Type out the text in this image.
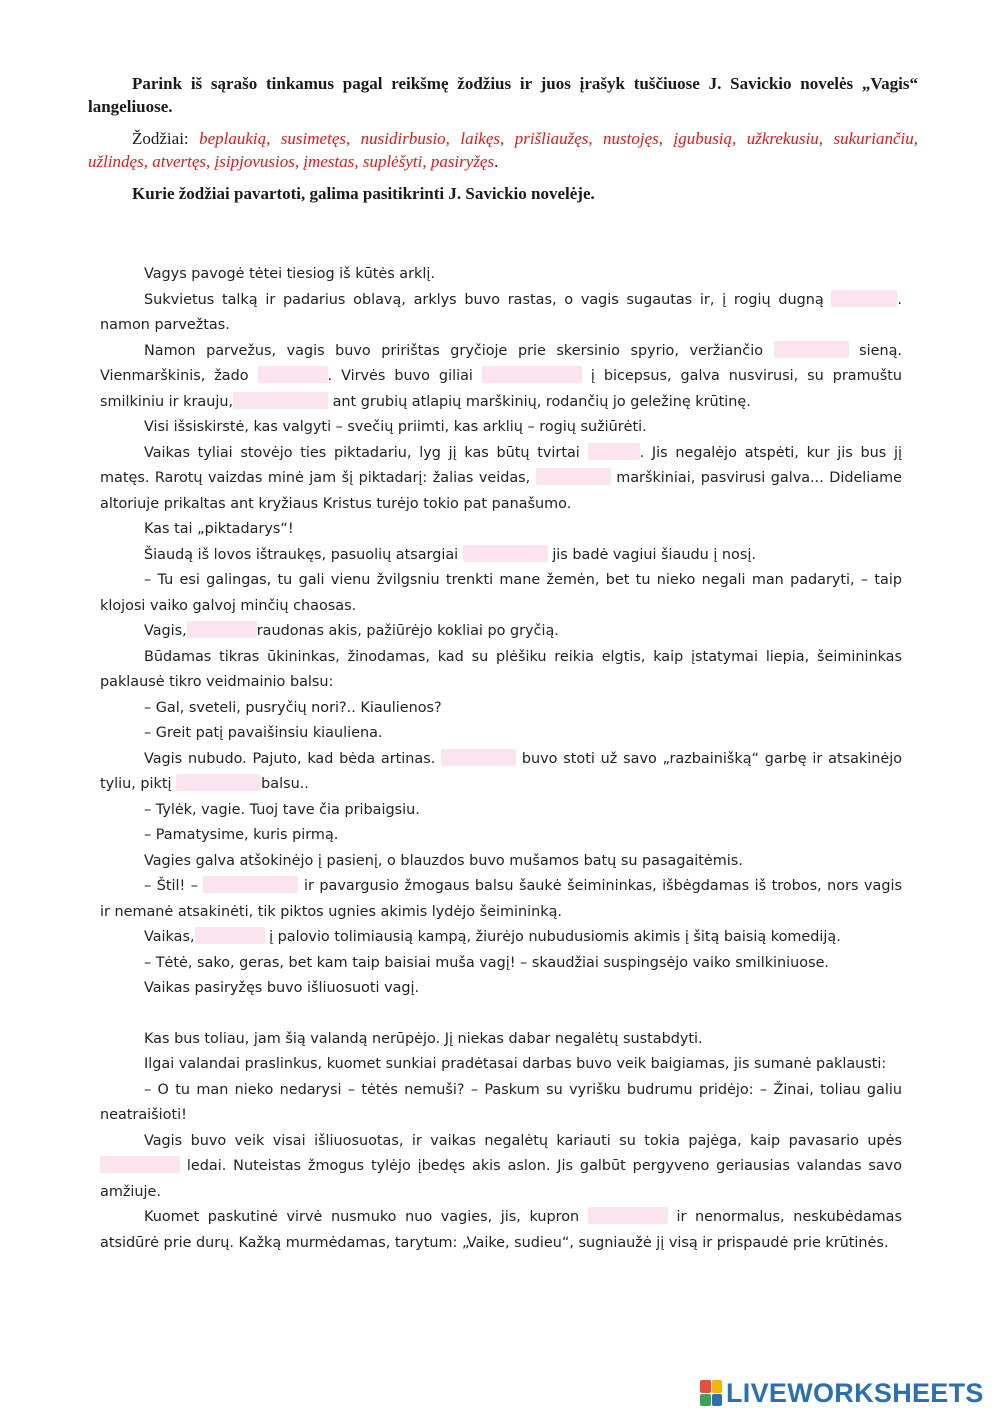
Parink iš sąrašo tinkamus pagal reikšmę žodžius ir juos įrašyk tuščiuose J. Savickio novelės „Vagis“ langeliuose.

Žodžiai: beplaukią, susimetęs, nusidirbusio, laikęs, prišliaužęs, nustojęs, įgubusią, užkrekusiu, sukuriančiu, užlindęs, atvertęs, įsipjovusios, įmestas, suplėšyti, pasiryžęs.

Kurie žodžiai pavartoti, galima pasitikrinti J. Savickio novelėje.

Vagys pavogė tėtei tiesiog iš kūtės arklį.

Sukvietus talką ir padarius oblavą, arklys buvo rastas, o vagis sugautas ir, į rogių dugną	. namon parvežtas.

Namon parvežus, vagis buvo pririštas gryčioje prie skersinio spyrio, veržiančio	sieną. Vienmarškinis, žado	. Virvės buvo giliai	į bicepsus, galva nusvirusi, su pramuštu smilkiniu ir krauju,	ant grubių atlapių marškinių, rodančių jo geležinę krūtinę.

Visi išsiskirstė, kas valgyti – svečių priimti, kas arklių – rogių sužiūrėti.

Vaikas tyliai stovėjo ties piktadariu, lyg jį kas būtų tvirtai	. Jis negalėjo atspėti, kur jis bus jį matęs. Rarotų vaizdas minė jam šį piktadarį: žalias veidas,	marškiniai, pasvirusi galva... Dideliame altoriuje prikaltas ant kryžiaus Kristus turėjo tokio pat panašumo.

Kas tai „piktadarys“!

Šiaudą iš lovos ištraukęs, pasuolių atsargiai	jis badė vagiui šiaudu į nosį.

– Tu esi galingas, tu gali vienu žvilgsniu trenkti mane žemėn, bet tu nieko negali man padaryti, – taip klojosi vaiko galvoj minčių chaosas.

Vagis,	raudonas akis, pažiūrėjo kokliai po gryčią.

Būdamas tikras ūkininkas, žinodamas, kad su plėšiku reikia elgtis, kaip įstatymai liepia, šeimininkas paklausė tikro veidmainio balsu:

– Gal, sveteli, pusryčių nori?.. Kiaulienos?

– Greit patį pavaišinsiu kiauliena.

Vagis nubudo. Pajuto, kad bėda artinas.	buvo stoti už savo „razbainišką“ garbę ir atsakinėjo tyliu, piktį	balsu..

– Tylėk, vagie. Tuoj tave čia pribaigsiu.

– Pamatysime, kuris pirmą.

Vagies galva atšokinėjo į pasienį, o blauzdos buvo mušamos batų su pasagaitėmis.

– Štil! –	ir pavargusio žmogaus balsu šaukė šeimininkas, išbėgdamas iš trobos, nors vagis ir nemanė atsakinėti, tik piktos ugnies akimis lydėjo šeimininką.

Vaikas,	į palovio tolimiausią kampą, žiurėjo nubudusiomis akimis į šitą baisią komediją.

– Tėtė, sako, geras, bet kam taip baisiai muša vagį! – skaudžiai suspingsėjo vaiko smilkiniuose.

Vaikas pasiryžęs buvo išliuosuoti vagį.

Kas bus toliau, jam šią valandą nerūpėjo. Jį niekas dabar negalėtų sustabdyti.

Ilgai valandai praslinkus, kuomet sunkiai pradėtasai darbas buvo veik baigiamas, jis sumanė paklausti:

– O tu man nieko nedarysi – tėtės nemuši? – Paskum su vyrišku budrumu pridėjo: – Žinai, toliau galiu neatraišioti!

Vagis buvo veik visai išliuosuotas, ir vaikas negalėtų kariauti su tokia pajėga, kaip pavasario upės  ledai. Nuteistas žmogus tylėjo įbedęs akis aslon. Jis galbūt pergyveno geriausias valandas savo amžiuje.

Kuomet paskutinė virvė nusmuko nuo vagies, jis, kupron	ir nenormalus, neskubėdamas atsidūrė prie durų. Kažką murmėdamas, tarytum: „Vaike, sudieu“, sugniaužė jį visą ir prispaudė prie krūtinės.

LIVEWORKSHEETS
